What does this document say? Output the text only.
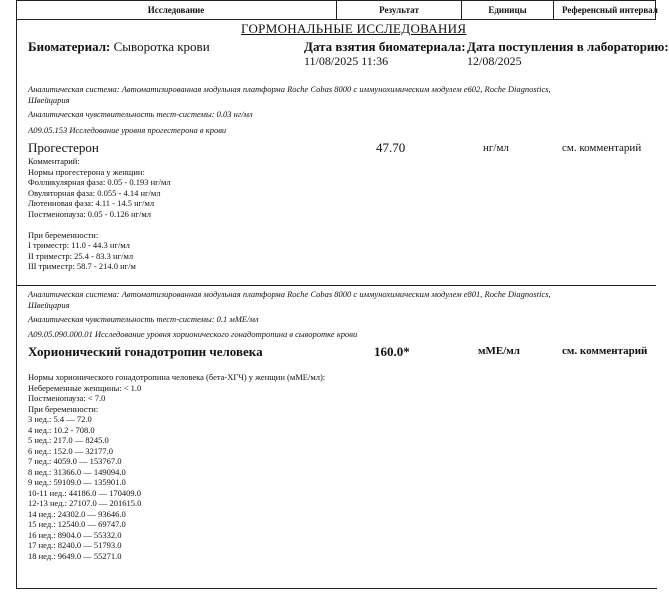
Исследование	Результат	Единицы	Референсный интервал
ГОРМОНАЛЬНЫЕ ИССЛЕДОВАНИЯ
Биоматериал: Сыворотка крови	Дата взятия биоматериала:
11/08/2025 11:36
Дата поступления в лабораторию:
12/08/2025
Аналитическая система: Автоматизированная модульная платформа Roche Cobas 8000 с иммунохимическим модулем e602, Roche Diagnostics,
Швейцария
Аналитическая чувствительность тест-системы: 0.03 нг/мл
A09.05.153 Исследование уровня прогестерона в крови
Прогестерон	47.70	нг/мл	см. комментарий
Комментарий:
Нормы прогестерона у женщин:
Фолликулярная фаза: 0.05 - 0.193 нг/мл
Овуляторная фаза: 0.055 - 4.14 нг/мл
Лютеиновая фаза: 4.11 - 14.5 нг/мл
Постменопауза: 0.05 - 0.126 нг/мл

При беременности:
I триместр: 11.0 - 44.3 нг/мл
II триместр: 25.4 - 83.3 нг/мл
III триместр: 58.7 - 214.0 нг/м
Аналитическая система: Автоматизированная модульная платформа Roche Cobas 8000 с иммунохимическим модулем e801, Roche Diagnostics,
Швейцария
Аналитическая чувствительность тест-системы: 0.1 мМЕ/мл
A09.05.090.000.01 Исследование уровня хорионического гонадотропина в сыворотке крови
Хорионический гонадотропин человека	160.0*	мМЕ/мл	см. комментарий
Нормы хорионического гонадотропина человека (бета-ХГЧ) у женщин (мМЕ/мл):
Небеременные женщины: < 1.0
Постменопауза: < 7.0
При беременности:
3 нед.: 5.4 — 72.0
4 нед.: 10.2 - 708.0
5 нед.: 217.0 — 8245.0
6 нед.: 152.0 — 32177.0
7 нед.: 4059.0 — 153767.0
8 нед.: 31366.0 — 149094.0
9 нед.: 59109.0 — 135901.0
10-11 нед.: 44186.0 — 170409.0
12-13 нед.: 27107.0 — 201615.0
14 нед.: 24302.0 — 93646.0
15 нед.: 12540.0 — 69747.0
16 нед.: 8904.0 — 55332.0
17 нед.: 8240.0 — 51793.0
18 нед.: 9649.0 — 55271.0
